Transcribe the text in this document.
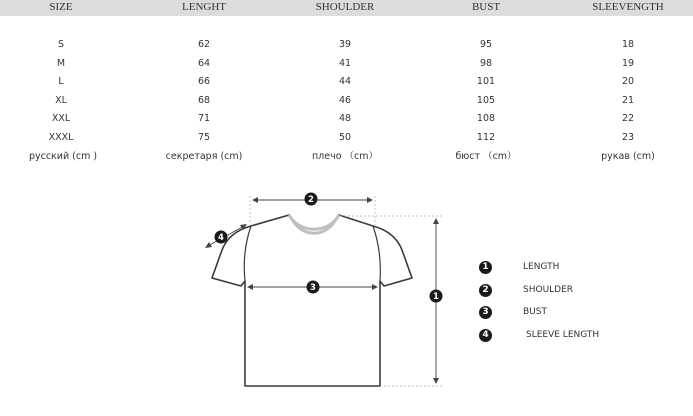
SIZE	LENGHT	SHOULDER	BUST	SLEEVENGTH
S	62	39	95	18
M	64	41	98	19
L	66	44	101	20
XL	68	46	105	21
XXL	71	48	108	22
XXXL	75	50	112	23
русский (cm )	секретаря (cm)	плечо （cm）	бюст （cm）	рукав (cm)
2
4
3
1
1	LENGTH
2	SHOULDER
3	BUST
4	SLEEVE LENGTH
